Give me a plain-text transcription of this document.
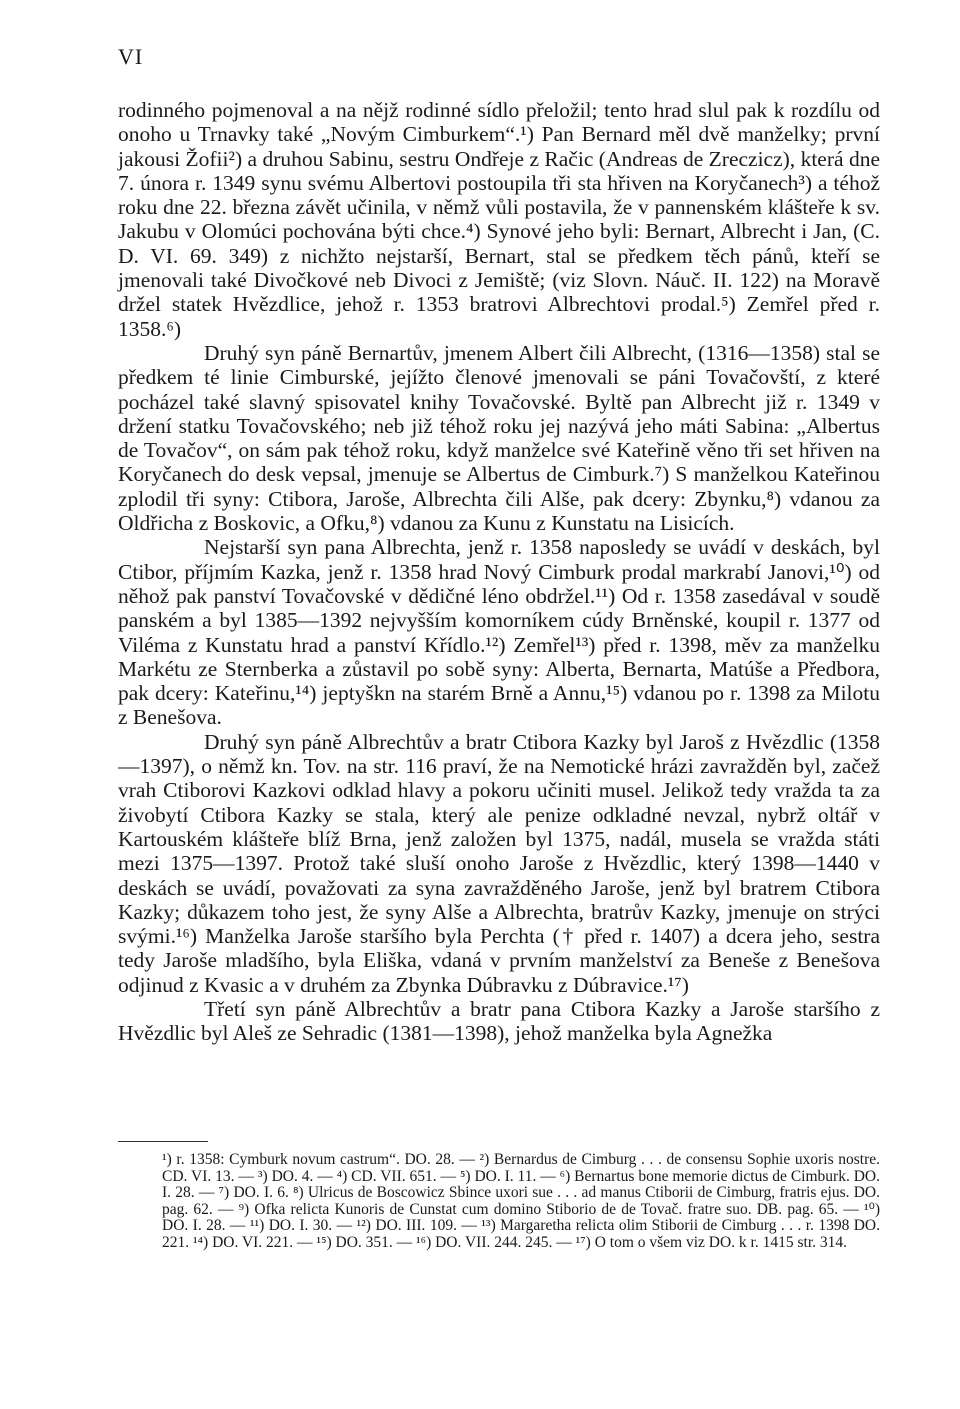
VI

rodinného pojmenoval a na nějž rodinné sídlo přeložil; tento hrad slul pak k rozdílu od onoho u Trnavky také „Novým Cimburkem“.¹) Pan Bernard měl dvě manželky; první jakousi Žofii²) a druhou Sabinu, sestru Ondřeje z Račic (Andreas de Zreczicz), která dne 7. února r. 1349 synu svému Albertovi postoupila tři sta hřiven na Koryčanech³) a téhož roku dne 22. března závět učinila, v němž vůli postavila, že v pannenském klášteře k sv. Jakubu v Olomúci pochována býti chce.⁴) Synové jeho byli: Bernart, Albrecht i Jan, (C. D. VI. 69. 349) z nichžto nejstarší, Bernart, stal se předkem těch pánů, kteří se jmenovali také Divočkové neb Divoci z Jemiště; (viz Slovn. Náuč. II. 122) na Moravě držel statek Hvězdlice, jehož r. 1353 bratrovi Albrechtovi prodal.⁵) Zemřel před r. 1358.⁶)

Druhý syn páně Bernartův, jmenem Albert čili Albrecht, (1316—1358) stal se předkem té linie Cimburské, jejížto členové jmenovali se páni Tovačovští, z které pocházel také slavný spisovatel knihy Tovačovské. Byltě pan Albrecht již r. 1349 v držení statku Tovačovského; neb již téhož roku jej nazývá jeho máti Sabina: „Albertus de Tovačov“, on sám pak téhož roku, když manželce své Kateřině věno tři set hřiven na Koryčanech do desk vepsal, jmenuje se Albertus de Cimburk.⁷) S manželkou Kateřinou zplodil tři syny: Ctibora, Jaroše, Albrechta čili Alše, pak dcery: Zbynku,⁸) vdanou za Oldřicha z Boskovic, a Ofku,⁸) vdanou za Kunu z Kunstatu na Lisicích.

Nejstarší syn pana Albrechta, jenž r. 1358 naposledy se uvádí v deskách, byl Ctibor, příjmím Kazka, jenž r. 1358 hrad Nový Cimburk prodal markrabí Janovi,¹⁰) od něhož pak panství Tovačovské v dědičné léno obdržel.¹¹) Od r. 1358 zasedával v soudě panském a byl 1385—1392 nejvyšším komorníkem cúdy Brněnské, koupil r. 1377 od Viléma z Kunstatu hrad a panství Křídlo.¹²) Zemřel¹³) před r. 1398, měv za manželku Markétu ze Sternberka a zůstavil po sobě syny: Alberta, Bernarta, Matúše a Předbora, pak dcery: Kateřinu,¹⁴) jeptyškn na starém Brně a Annu,¹⁵) vdanou po r. 1398 za Milotu z Benešova.

Druhý syn páně Albrechtův a bratr Ctibora Kazky byl Jaroš z Hvězdlic (1358—1397), o němž kn. Tov. na str. 116 praví, že na Nemotické hrázi zavražděn byl, začež vrah Ctiborovi Kazkovi odklad hlavy a pokoru učiniti musel. Jelikož tedy vražda ta za živobytí Ctibora Kazky se stala, který ale penize odkladné nevzal, nybrž oltář v Kartouském klášteře blíž Brna, jenž založen byl 1375, nadál, musela se vražda státi mezi 1375—1397. Protož také sluší onoho Jaroše z Hvězdlic, který 1398—1440 v deskách se uvádí, považovati za syna zavražděného Jaroše, jenž byl bratrem Ctibora Kazky; důkazem toho jest, že syny Alše a Albrechta, bratrův Kazky, jmenuje on strýci svými.¹⁶) Manželka Jaroše staršího byla Perchta († před r. 1407) a dcera jeho, sestra tedy Jaroše mladšího, byla Eliška, vdaná v prvním manželství za Beneše z Benešova odjinud z Kvasic a v druhém za Zbynka Dúbravku z Dúbravice.¹⁷)

Třetí syn páně Albrechtův a bratr pana Ctibora Kazky a Jaroše staršího z Hvězdlic byl Aleš ze Sehradic (1381—1398), jehož manželka byla Agnežka

¹) r. 1358: Cymburk novum castrum“. DO. 28. — ²) Bernardus de Cimburg . . . de consensu Sophie uxoris nostre. CD. VI. 13. — ³) DO. 4. — ⁴) CD. VII. 651. — ⁵) DO. I. 11. — ⁶) Bernartus bone memorie dictus de Cimburk. DO. I. 28. — ⁷) DO. I. 6. ⁸) Ulricus de Boscowicz Sbince uxori sue . . . ad manus Ctiborii de Cimburg, fratris ejus. DO. pag. 62. — ⁹) Ofka relicta Kunoris de Cunstat cum domino Stiborio de de Tovač. fratre suo. DB. pag. 65. — ¹⁰) DO. I. 28. — ¹¹) DO. I. 30. — ¹²) DO. III. 109. — ¹³) Margaretha relicta olim Stiborii de Cimburg . . . r. 1398 DO. 221. ¹⁴) DO. VI. 221. — ¹⁵) DO. 351. — ¹⁶) DO. VII. 244. 245. — ¹⁷) O tom o všem viz DO. k r. 1415 str. 314.
